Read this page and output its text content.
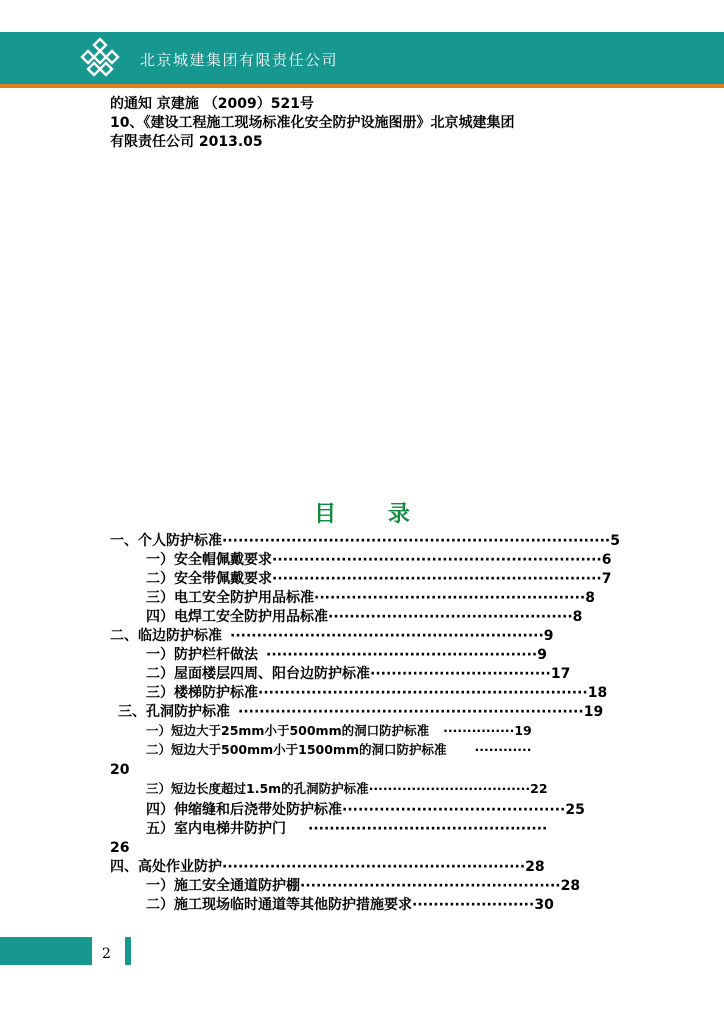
北京城建集团有限责任公司
的通知 京建施 （2009）521号
10、《建设工程施工现场标准化安全防护设施图册》北京城建集团
有限责任公司 2013.05
目 录
一、个人防护标准·········································································5
一）安全帽佩戴要求······························································6
二）安全带佩戴要求······························································7
三）电工安全防护用品标准···················································8
四）电焊工安全防护用品标准··············································8
二、临边防护标准 ···························································9
一）防护栏杆做法 ···················································9
二）屋面楼层四周、阳台边防护标准··································17
三）楼梯防护标准······························································18
三、孔洞防护标准 ·································································19
一）短边大于25mm小于500mm的洞口防护标准 ···············19
二）短边大于500mm小于1500mm的洞口防护标准 ············
20
三）短边长度超过1.5m的孔洞防护标准··································22
四）伸缩缝和后浇带处防护标准··········································25
五）室内电梯井防护门 ·············································
26
四、高处作业防护·························································28
一）施工安全通道防护棚·················································28
二）施工现场临时通道等其他防护措施要求·······················30
2
